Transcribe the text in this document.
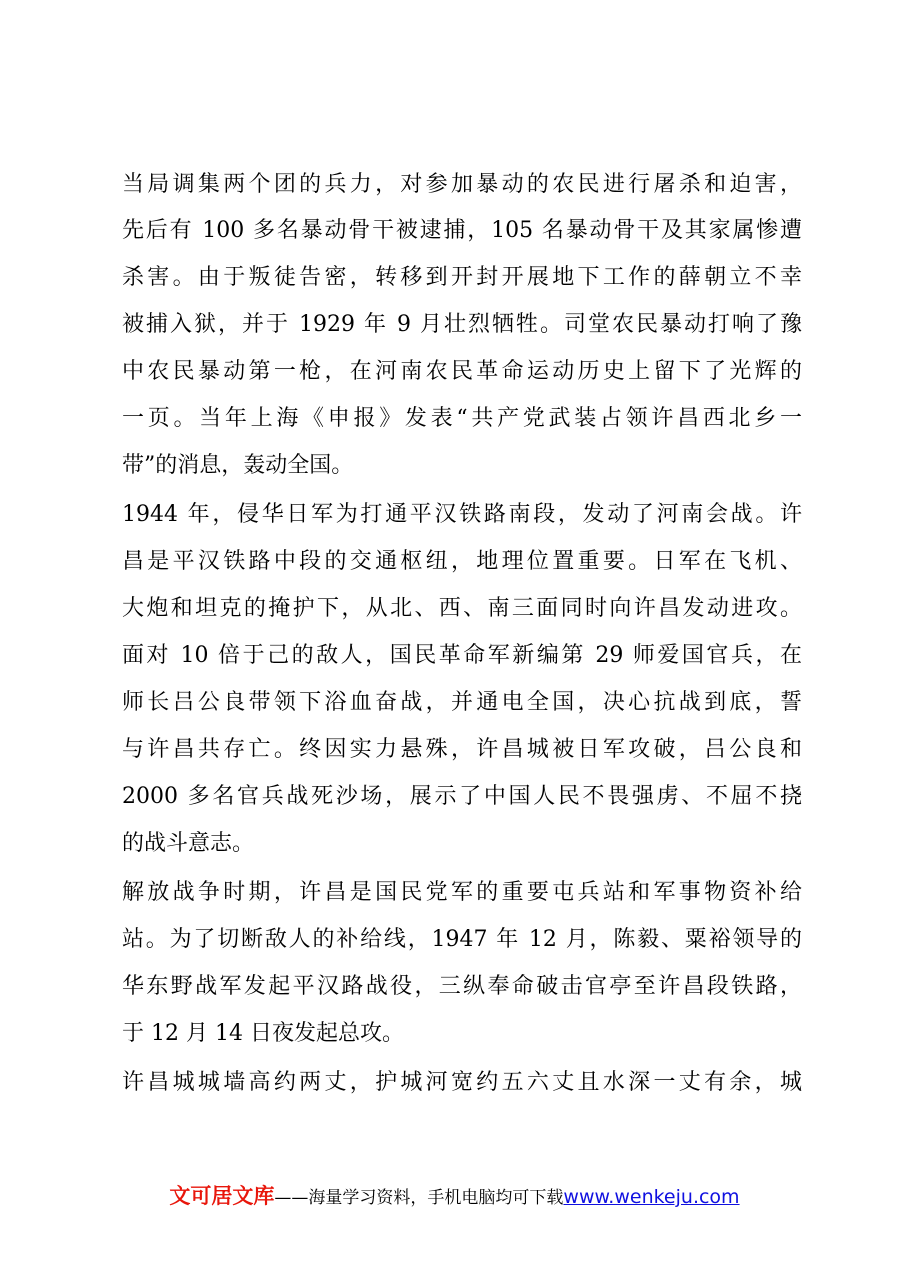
当局调集两个团的兵力，对参加暴动的农民进行屠杀和迫害，
先后有 100 多名暴动骨干被逮捕，105 名暴动骨干及其家属惨遭
杀害。由于叛徒告密，转移到开封开展地下工作的薛朝立不幸
被捕入狱，并于 1929 年 9 月壮烈牺牲。司堂农民暴动打响了豫
中农民暴动第一枪，在河南农民革命运动历史上留下了光辉的
一页。当年上海《申报》发表“共产党武装占领许昌西北乡一
带”的消息，轰动全国。
1944 年，侵华日军为打通平汉铁路南段，发动了河南会战。许
昌是平汉铁路中段的交通枢纽，地理位置重要。日军在飞机、
大炮和坦克的掩护下，从北、西、南三面同时向许昌发动进攻。
面对 10 倍于己的敌人，国民革命军新编第 29 师爱国官兵，在
师长吕公良带领下浴血奋战，并通电全国，决心抗战到底，誓
与许昌共存亡。终因实力悬殊，许昌城被日军攻破，吕公良和
2000 多名官兵战死沙场，展示了中国人民不畏强虏、不屈不挠
的战斗意志。
解放战争时期，许昌是国民党军的重要屯兵站和军事物资补给
站。为了切断敌人的补给线，1947 年 12 月，陈毅、粟裕领导的
华东野战军发起平汉路战役，三纵奉命破击官亭至许昌段铁路，
于 12 月 14 日夜发起总攻。
许昌城城墙高约两丈，护城河宽约五六丈且水深一丈有余，城
文可居文库——海量学习资料，手机电脑均可下载www.wenkeju.com
